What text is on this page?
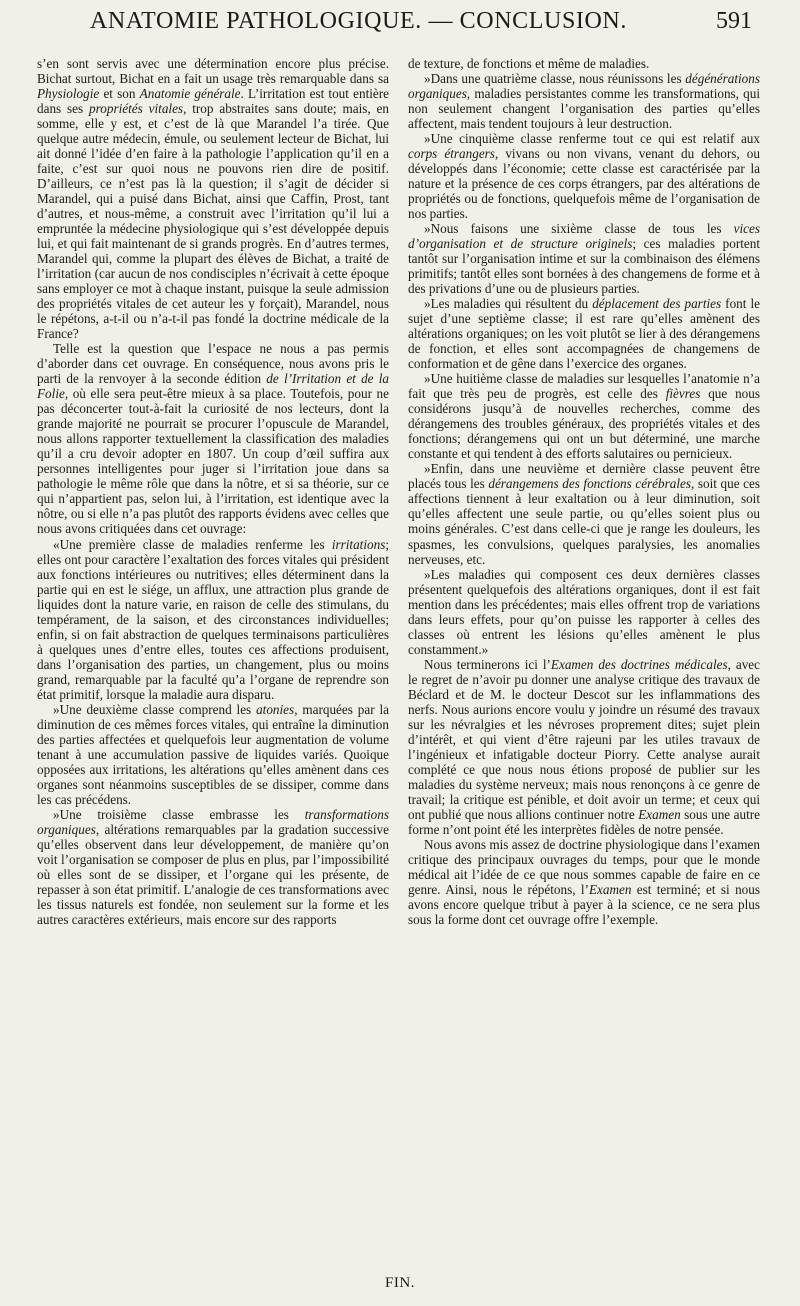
ANATOMIE PATHOLOGIQUE. — CONCLUSION.	591

s’en sont servis avec une détermination encore plus précise. Bichat surtout, Bichat en a fait un usage très remarquable dans sa Physiologie et son Anatomie générale. L’irritation est tout entière dans ses propriétés vitales, trop abstraites sans doute; mais, en somme, elle y est, et c’est de là que Marandel l’a tirée. Que quelque autre médecin, émule, ou seulement lecteur de Bichat, lui ait donné l’idée d’en faire à la pathologie l’application qu’il en a faite, c’est sur quoi nous ne pouvons rien dire de positif. D’ailleurs, ce n’est pas là la question; il s’agit de décider si Marandel, qui a puisé dans Bichat, ainsi que Caffin, Prost, tant d’autres, et nous-même, a construit avec l’irritation qu’il lui a empruntée la médecine physiologique qui s’est développée depuis lui, et qui fait maintenant de si grands progrès. En d’autres termes, Marandel qui, comme la plupart des élèves de Bichat, a traité de l’irritation (car aucun de nos condisciples n’écrivait à cette époque sans employer ce mot à chaque instant, puisque la seule admission des propriétés vitales de cet auteur les y forçait), Marandel, nous le répétons, a-t-il ou n’a-t-il pas fondé la doctrine médicale de la France?

Telle est la question que l’espace ne nous a pas permis d’aborder dans cet ouvrage. En conséquence, nous avons pris le parti de la renvoyer à la seconde édition de l’Irritation et de la Folie, où elle sera peut-être mieux à sa place. Toutefois, pour ne pas déconcerter tout-à-fait la curiosité de nos lecteurs, dont la grande majorité ne pourrait se procurer l’opuscule de Marandel, nous allons rapporter textuellement la classification des maladies qu’il a cru devoir adopter en 1807. Un coup d’œil suffira aux personnes intelligentes pour juger si l’irritation joue dans sa pathologie le même rôle que dans la nôtre, et si sa théorie, sur ce qui n’appartient pas, selon lui, à l’irritation, est identique avec la nôtre, ou si elle n’a pas plutôt des rapports évidens avec celles que nous avons critiquées dans cet ouvrage:

«Une première classe de maladies renferme les irritations; elles ont pour caractère l’exaltation des forces vitales qui président aux fonctions intérieures ou nutritives; elles déterminent dans la partie qui en est le siége, un afflux, une attraction plus grande de liquides dont la nature varie, en raison de celle des stimulans, du tempérament, de la saison, et des circonstances individuelles; enfin, si on fait abstraction de quelques terminaisons particulières à quelques unes d’entre elles, toutes ces affections produisent, dans l’organisation des parties, un changement, plus ou moins grand, remarquable par la faculté qu’a l’organe de reprendre son état primitif, lorsque la maladie aura disparu.

»Une deuxième classe comprend les atonies, marquées par la diminution de ces mêmes forces vitales, qui entraîne la diminution des parties affectées et quelquefois leur augmentation de volume tenant à une accumulation passive de liquides variés. Quoique opposées aux irritations, les altérations qu’elles amènent dans ces organes sont néanmoins susceptibles de se dissiper, comme dans les cas précédens.

»Une troisième classe embrasse les transformations organiques, altérations remarquables par la gradation successive qu’elles observent dans leur développement, de manière qu’on voit l’organisation se composer de plus en plus, par l’impossibilité où elles sont de se dissiper, et l’organe qui les présente, de repasser à son état primitif. L’analogie de ces transformations avec les tissus naturels est fondée, non seulement sur la forme et les autres caractères extérieurs, mais encore sur des rapports

de texture, de fonctions et même de maladies.

»Dans une quatrième classe, nous réunissons les dégénérations organiques, maladies persistantes comme les transformations, qui non seulement changent l’organisation des parties qu’elles affectent, mais tendent toujours à leur destruction.

»Une cinquième classe renferme tout ce qui est relatif aux corps étrangers, vivans ou non vivans, venant du dehors, ou développés dans l’économie; cette classe est caractérisée par la nature et la présence de ces corps étrangers, par des altérations de propriétés ou de fonctions, quelquefois même de l’organisation de nos parties.

»Nous faisons une sixième classe de tous les vices d’organisation et de structure originels; ces maladies portent tantôt sur l’organisation intime et sur la combinaison des élémens primitifs; tantôt elles sont bornées à des changemens de forme et à des privations d’une ou de plusieurs parties.

»Les maladies qui résultent du déplacement des parties font le sujet d’une septième classe; il est rare qu’elles amènent des altérations organiques; on les voit plutôt se lier à des dérangemens de fonction, et elles sont accompagnées de changemens de conformation et de gêne dans l’exercice des organes.

»Une huitième classe de maladies sur lesquelles l’anatomie n’a fait que très peu de progrès, est celle des fièvres que nous considérons jusqu’à de nouvelles recherches, comme des dérangemens des troubles généraux, des propriétés vitales et des fonctions; dérangemens qui ont un but déterminé, une marche constante et qui tendent à des efforts salutaires ou pernicieux.

»Enfin, dans une neuvième et dernière classe peuvent être placés tous les dérangemens des fonctions cérébrales, soit que ces affections tiennent à leur exaltation ou à leur diminution, soit qu’elles affectent une seule partie, ou qu’elles soient plus ou moins générales. C’est dans celle-ci que je range les douleurs, les spasmes, les convulsions, quelques paralysies, les anomalies nerveuses, etc.

»Les maladies qui composent ces deux dernières classes présentent quelquefois des altérations organiques, dont il est fait mention dans les précédentes; mais elles offrent trop de variations dans leurs effets, pour qu’on puisse les rapporter à celles des classes où entrent les lésions qu’elles amènent le plus constamment.»

Nous terminerons ici l’Examen des doctrines médicales, avec le regret de n’avoir pu donner une analyse critique des travaux de Béclard et de M. le docteur Descot sur les inflammations des nerfs. Nous aurions encore voulu y joindre un résumé des travaux sur les névralgies et les névroses proprement dites; sujet plein d’intérêt, et qui vient d’être rajeuni par les utiles travaux de l’ingénieux et infatigable docteur Piorry. Cette analyse aurait complété ce que nous nous étions proposé de publier sur les maladies du système nerveux; mais nous renonçons à ce genre de travail; la critique est pénible, et doit avoir un terme; et ceux qui ont publié que nous allions continuer notre Examen sous une autre forme n’ont point été les interprètes fidèles de notre pensée.

Nous avons mis assez de doctrine physiologique dans l’examen critique des principaux ouvrages du temps, pour que le monde médical ait l’idée de ce que nous sommes capable de faire en ce genre. Ainsi, nous le répétons, l’Examen est terminé; et si nous avons encore quelque tribut à payer à la science, ce ne sera plus sous la forme dont cet ouvrage offre l’exemple.

FIN.
